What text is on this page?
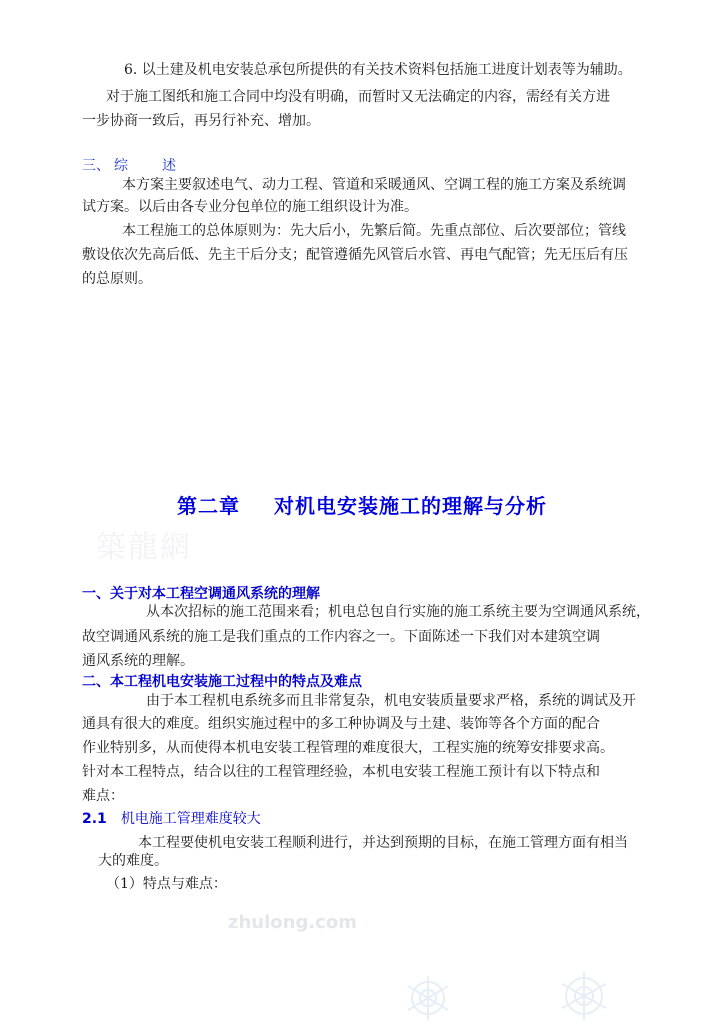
6. 以土建及机电安装总承包所提供的有关技术资料包括施工进度计划表等为辅助。
对于施工图纸和施工合同中均没有明确，而暂时又无法确定的内容，需经有关方进
一步协商一致后，再另行补充、增加。
三、 综 述
本方案主要叙述电气、动力工程、管道和采暖通风、空调工程的施工方案及系统调
试方案。以后由各专业分包单位的施工组织设计为准。
本工程施工的总体原则为：先大后小，先繁后简。先重点部位、后次要部位；管线
敷设依次先高后低、先主干后分支；配管遵循先风管后水管、再电气配管；先无压后有压
的总原则。
第二章 对机电安装施工的理解与分析
築龍網
一、关于对本工程空调通风系统的理解
从本次招标的施工范围来看；机电总包自行实施的施工系统主要为空调通风系统，
故空调通风系统的施工是我们重点的工作内容之一。下面陈述一下我们对本建筑空调
通风系统的理解。
二、本工程机电安装施工过程中的特点及难点
由于本工程机电系统多而且非常复杂，机电安装质量要求严格，系统的调试及开
通具有很大的难度。组织实施过程中的多工种协调及与土建、装饰等各个方面的配合
作业特别多，从而使得本机电安装工程管理的难度很大，工程实施的统筹安排要求高。
针对本工程特点，结合以往的工程管理经验，本机电安装工程施工预计有以下特点和
难点：
2.1 机电施工管理难度较大
本工程要使机电安装工程顺利进行，并达到预期的目标，在施工管理方面有相当
大的难度。
（1）特点与难点：
zhulong.com
